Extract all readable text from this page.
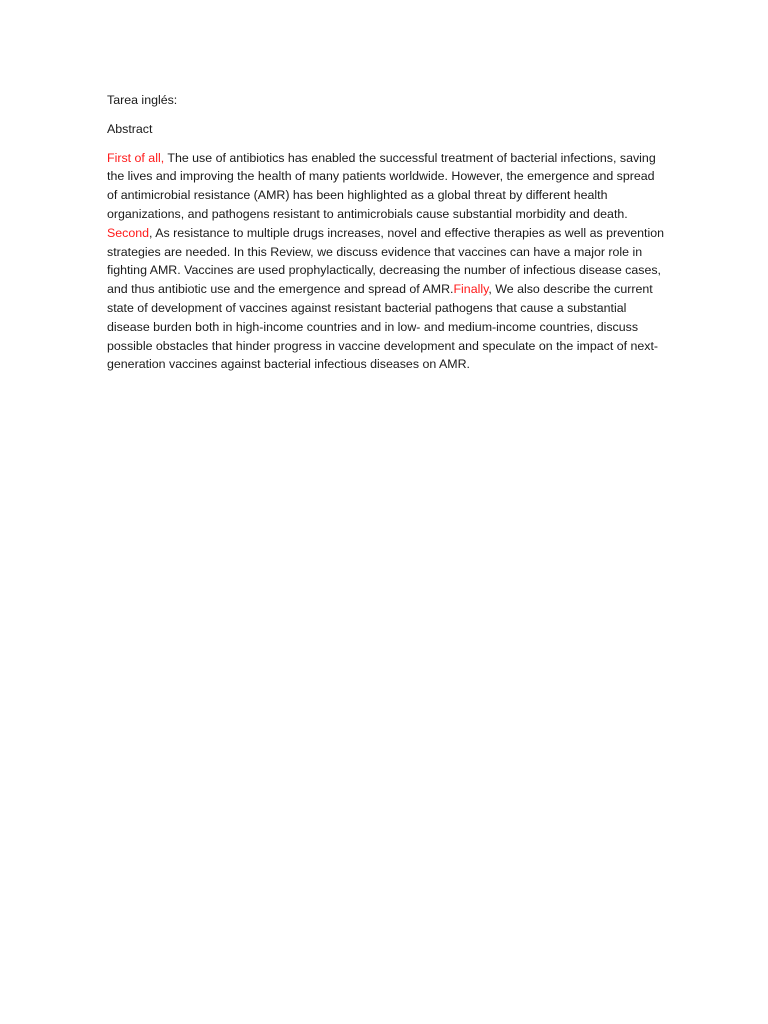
Tarea inglés:

Abstract

First of all, The use of antibiotics has enabled the successful treatment of bacterial infections, saving the lives and improving the health of many patients worldwide. However, the emergence and spread of antimicrobial resistance (AMR) has been highlighted as a global threat by different health organizations, and pathogens resistant to antimicrobials cause substantial morbidity and death. Second, As resistance to multiple drugs increases, novel and effective therapies as well as prevention strategies are needed. In this Review, we discuss evidence that vaccines can have a major role in fighting AMR. Vaccines are used prophylactically, decreasing the number of infectious disease cases, and thus antibiotic use and the emergence and spread of AMR.Finally, We also describe the current state of development of vaccines against resistant bacterial pathogens that cause a substantial disease burden both in high-income countries and in low- and medium-income countries, discuss possible obstacles that hinder progress in vaccine development and speculate on the impact of next-generation vaccines against bacterial infectious diseases on AMR.
